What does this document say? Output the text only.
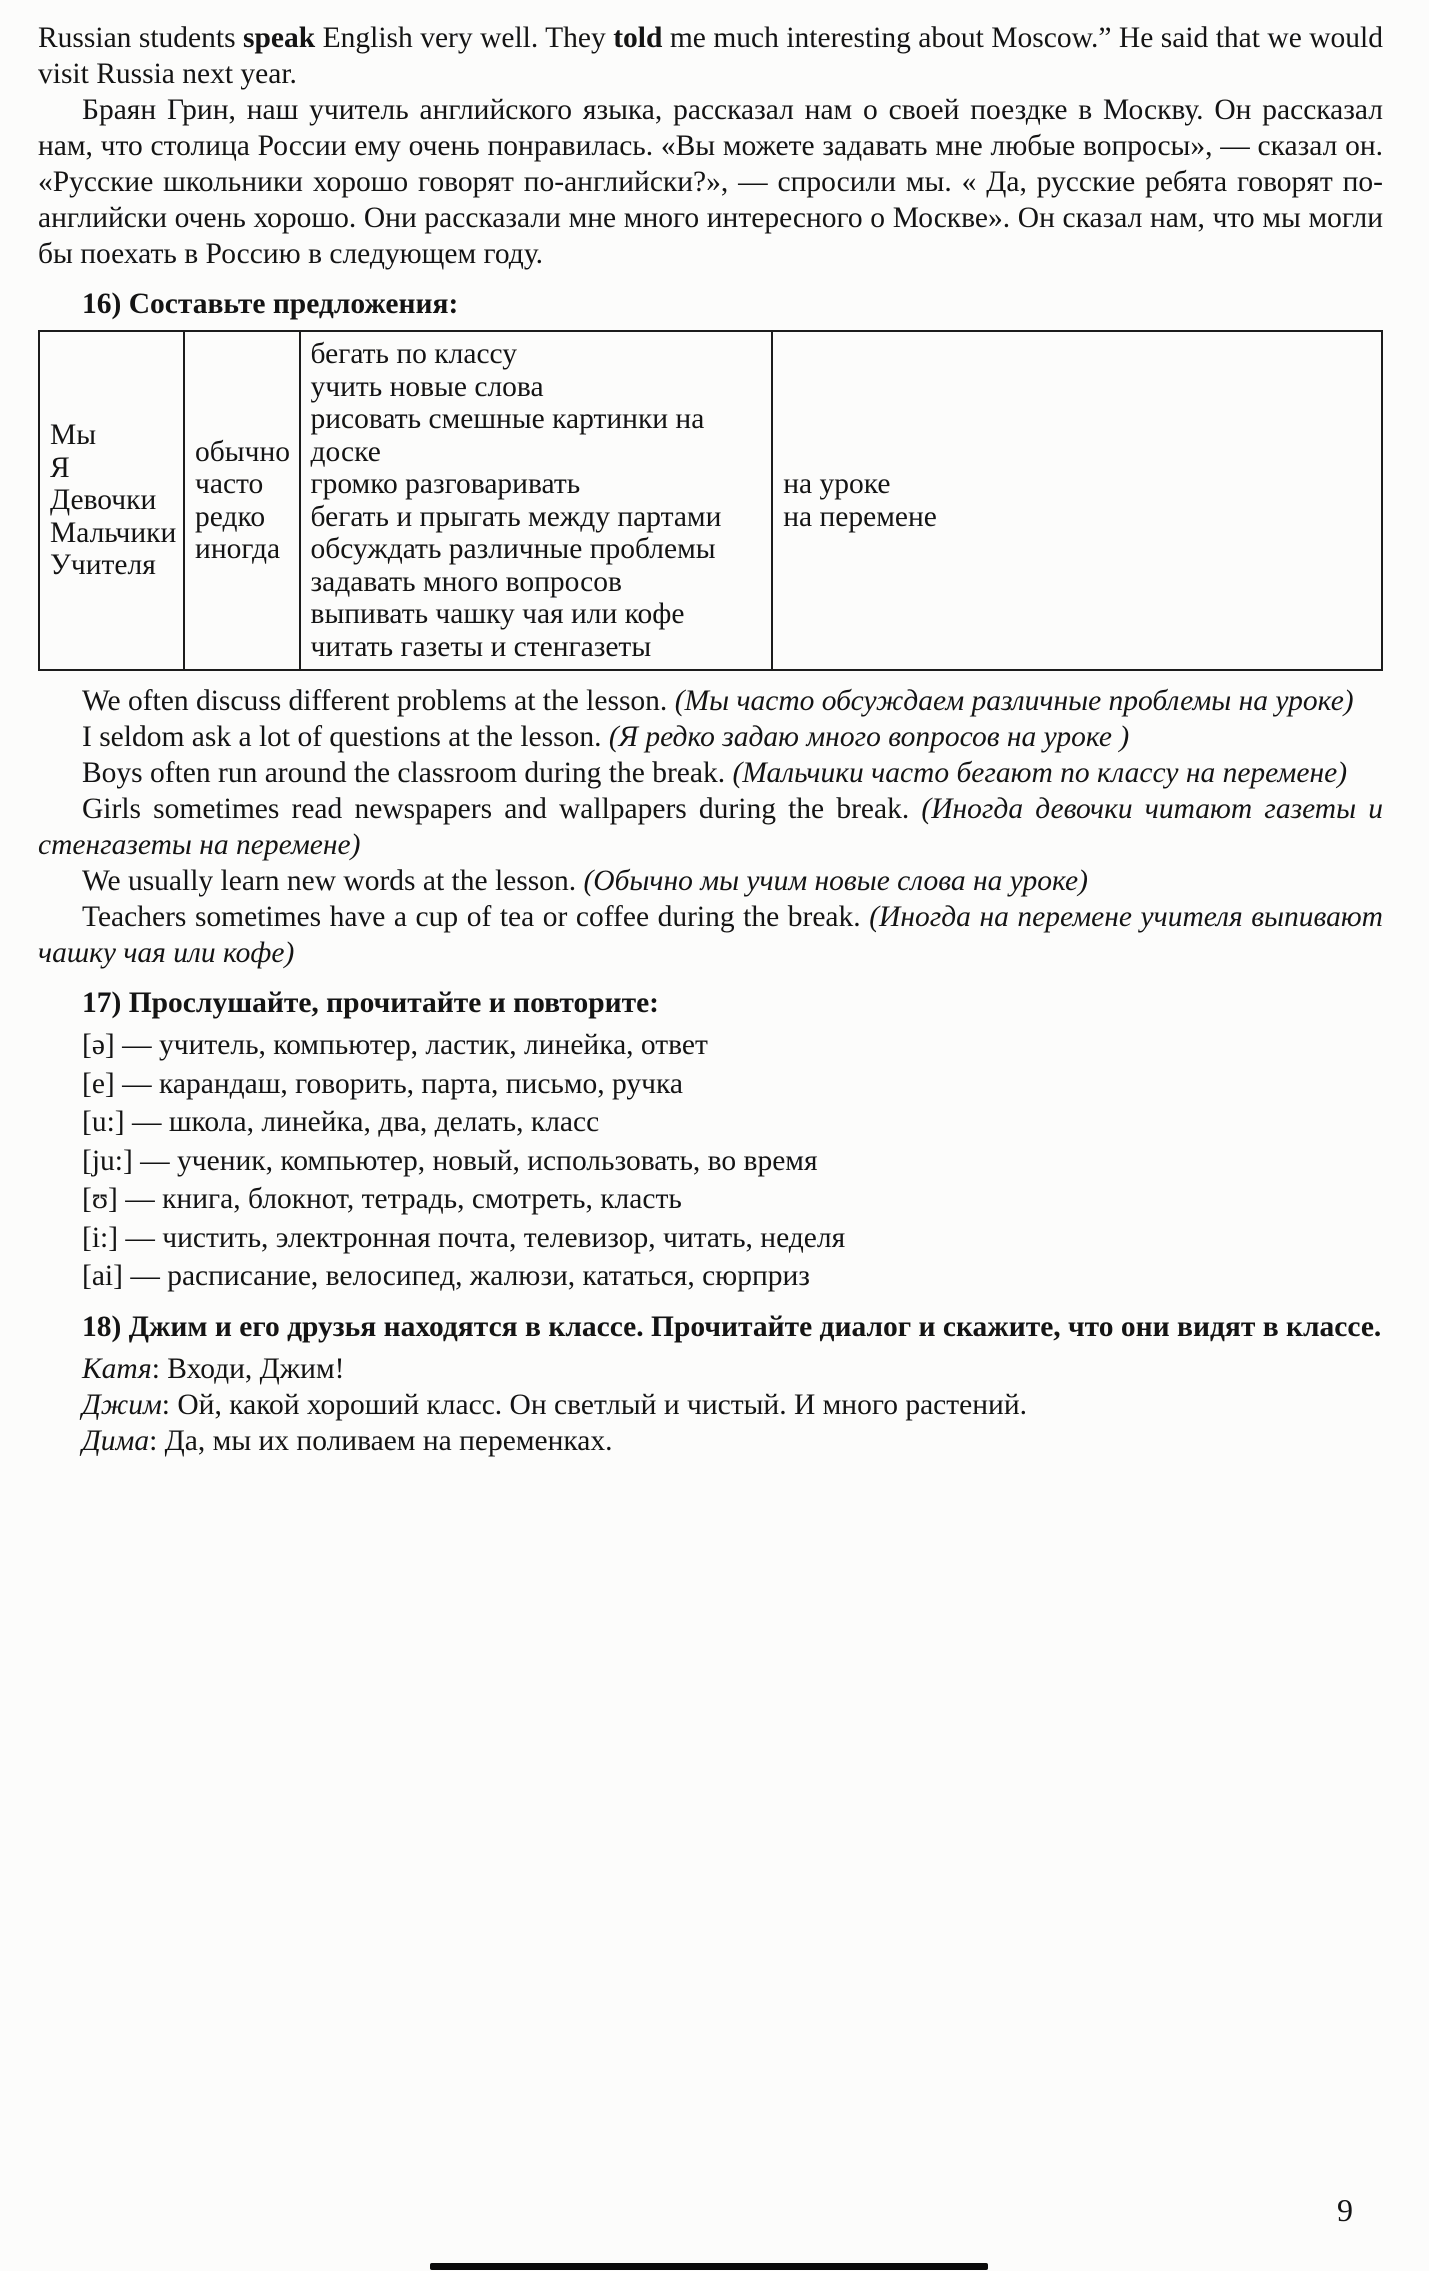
Russian students speak English very well. They told me much interesting about Moscow.” He said that we would visit Russia next year.

Браян Грин, наш учитель английского языка, рассказал нам о своей поездке в Москву. Он рассказал нам, что столица России ему очень понравилась. «Вы можете задавать мне любые вопросы», — сказал он. «Русские школьники хорошо говорят по-английски?», — спросили мы. « Да, русские ребята говорят по-английски очень хорошо. Они рассказали мне много интересного о Москве». Он сказал нам, что мы могли бы поехать в Россию в следующем году.

16) Составьте предложения:

Мы
Я
Девочки
Мальчики
Учителя

обычно
часто
редко
иногда

бегать по классу
учить новые слова
рисовать смешные картинки на доске
громко разговаривать
бегать и прыгать между партами
обсуждать различные проблемы
задавать много вопросов
выпивать чашку чая или кофе
читать газеты и стенгазеты

на уроке
на перемене

We often discuss different problems at the lesson. (Мы часто обсуждаем различные проблемы на уроке)

I seldom ask a lot of questions at the lesson. (Я редко задаю много вопросов на уроке )

Boys often run around the classroom during the break. (Мальчики часто бегают по классу на перемене)

Girls sometimes read newspapers and wallpapers during the break. (Иногда девочки читают газеты и стенгазеты на перемене)

We usually learn new words at the lesson. (Обычно мы учим новые слова на уроке)

Teachers sometimes have a cup of tea or coffee during the break. (Иногда на перемене учителя выпивают чашку чая или кофе)

17) Прослушайте, прочитайте и повторите:

[ə] — учитель, компьютер, ластик, линейка, ответ

[e] — карандаш, говорить, парта, письмо, ручка

[u:] — школа, линейка, два, делать, класс

[ju:] — ученик, компьютер, новый, использовать, во время

[ʊ] — книга, блокнот, тетрадь, смотреть, класть

[i:] — чистить, электронная почта, телевизор, читать, неделя

[ai] — расписание, велосипед, жалюзи, кататься, сюрприз

18) Джим и его друзья находятся в классе. Прочитайте диалог и скажите, что они видят в классе.

Катя: Входи, Джим!

Джим: Ой, какой хороший класс. Он светлый и чистый. И много растений.

Дима: Да, мы их поливаем на переменках.

9
